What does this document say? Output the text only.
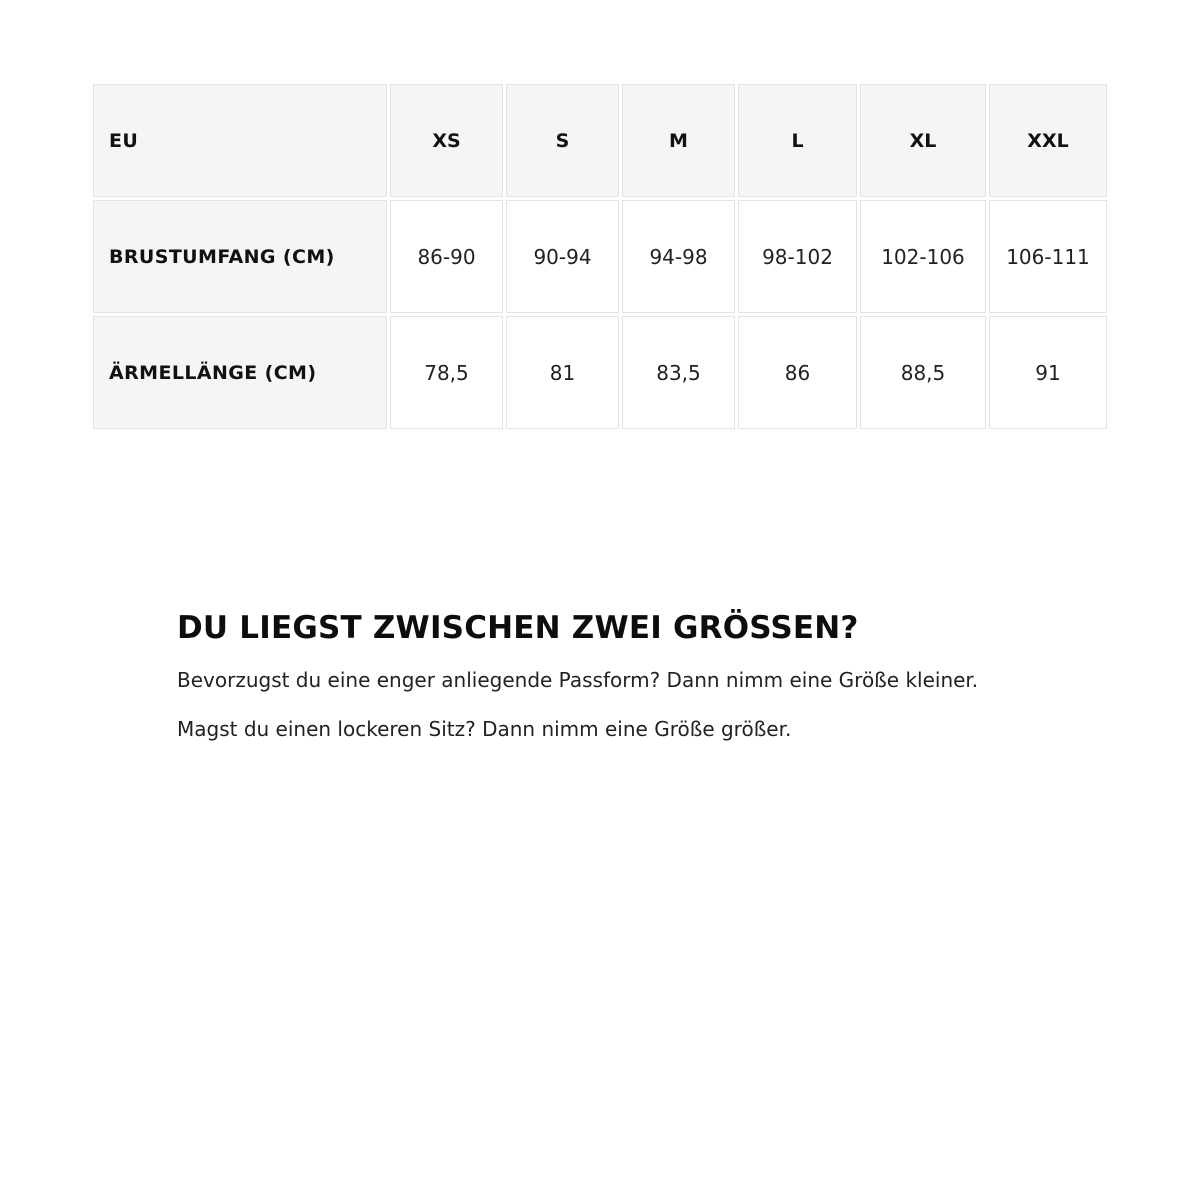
EU	XS	S	M	L	XL	XXL
BRUSTUMFANG (CM)	86-90	90-94	94-98	98-102	102-106	106-111
ÄRMELLÄNGE (CM)	78,5	81	83,5	86	88,5	91
DU LIEGST ZWISCHEN ZWEI GRÖSSEN?

Bevorzugst du eine enger anliegende Passform? Dann nimm eine Größe kleiner.

Magst du einen lockeren Sitz? Dann nimm eine Größe größer.
